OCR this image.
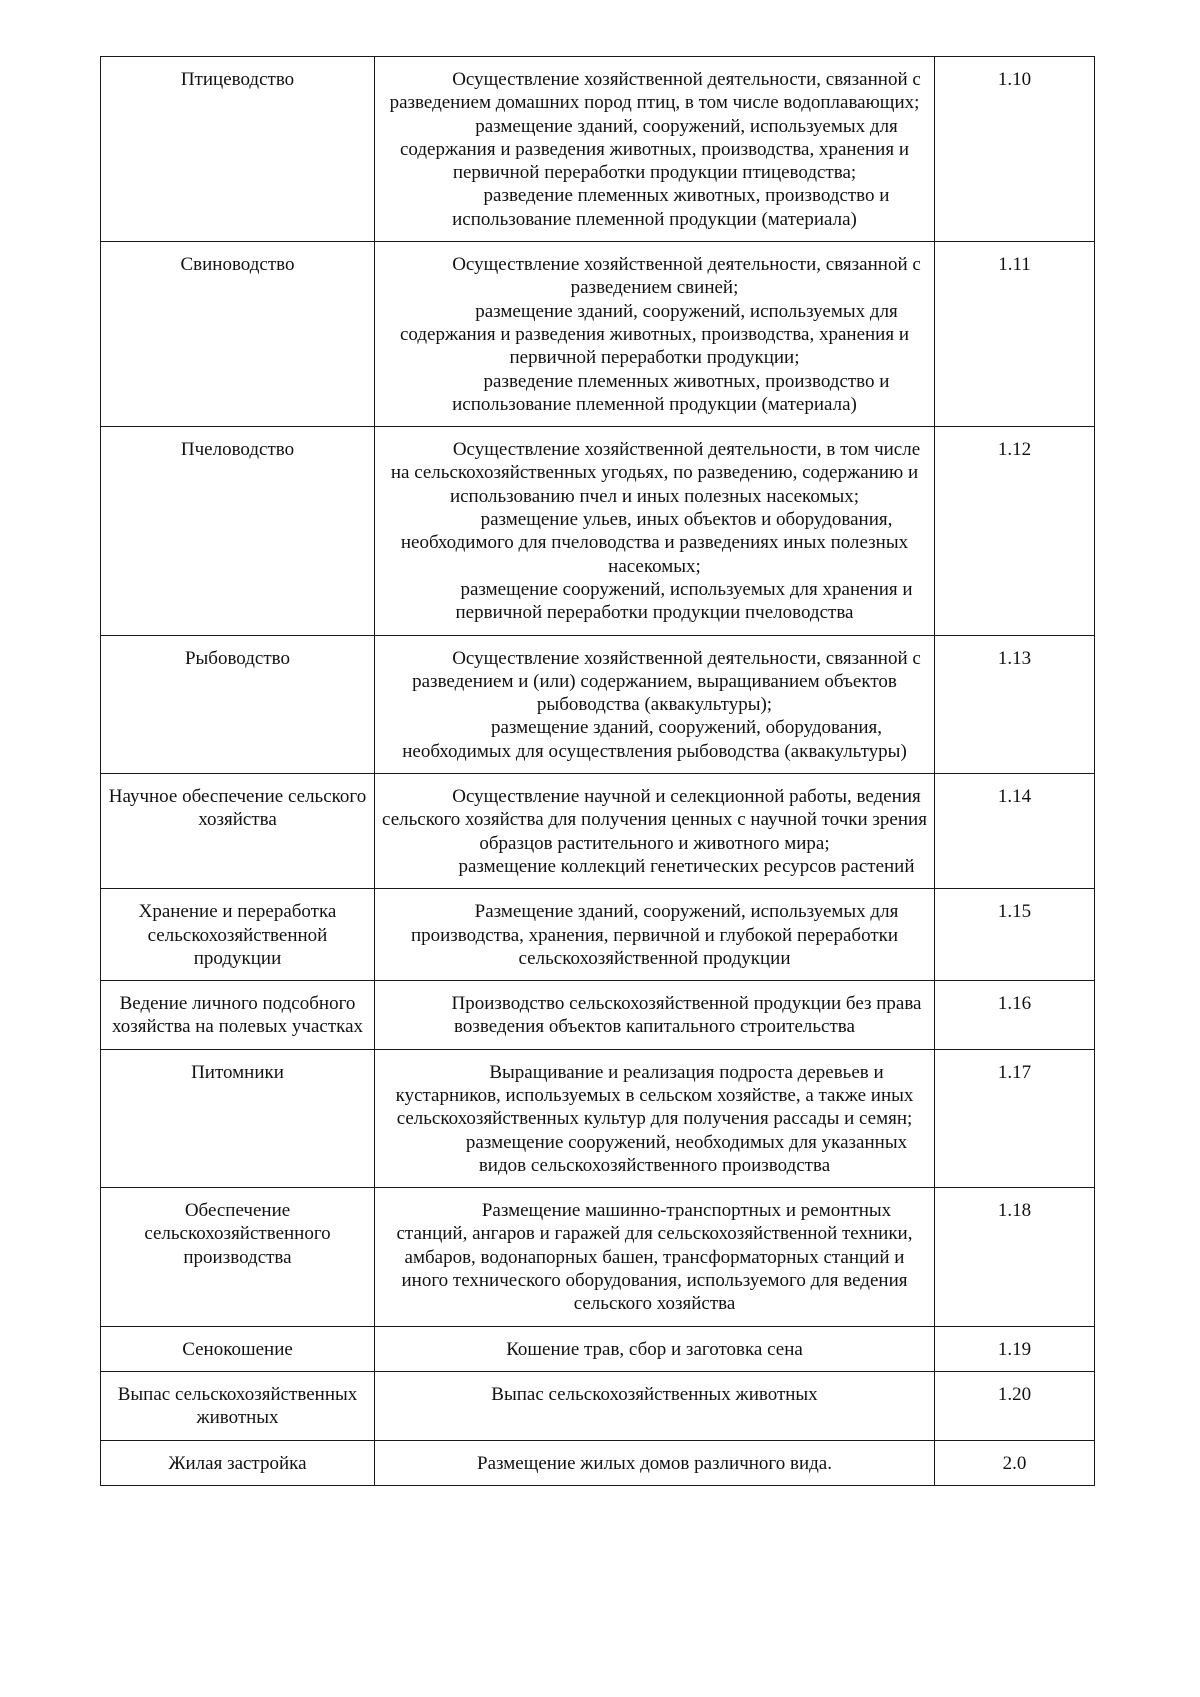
Птицеводство	Осуществление хозяйственной деятельности, связанной с разведением домашних пород птиц, в том числе водоплавающих;
размещение зданий, сооружений, используемых для содержания и разведения животных, производства, хранения и первичной переработки продукции птицеводства;
разведение племенных животных, производство и использование племенной продукции (материала)	1.10
Свиноводство	Осуществление хозяйственной деятельности, связанной с разведением свиней;
размещение зданий, сооружений, используемых для содержания и разведения животных, производства, хранения и первичной переработки продукции;
разведение племенных животных, производство и использование племенной продукции (материала)	1.11
Пчеловодство	Осуществление хозяйственной деятельности, в том числе на сельскохозяйственных угодьях, по разведению, содержанию и использованию пчел и иных полезных насекомых;
размещение ульев, иных объектов и оборудования, необходимого для пчеловодства и разведениях иных полезных насекомых;
размещение сооружений, используемых для хранения и первичной переработки продукции пчеловодства	1.12
Рыбоводство	Осуществление хозяйственной деятельности, связанной с разведением и (или) содержанием, выращиванием объектов рыбоводства (аквакультуры);
размещение зданий, сооружений, оборудования, необходимых для осуществления рыбоводства (аквакультуры)	1.13
Научное обеспечение сельского хозяйства	Осуществление научной и селекционной работы, ведения сельского хозяйства для получения ценных с научной точки зрения образцов растительного и животного мира;
размещение коллекций генетических ресурсов растений	1.14
Хранение и переработка сельскохозяйственной продукции	Размещение зданий, сооружений, используемых для производства, хранения, первичной и глубокой переработки сельскохозяйственной продукции	1.15
Ведение личного подсобного хозяйства на полевых участках	Производство сельскохозяйственной продукции без права возведения объектов капитального строительства	1.16
Питомники	Выращивание и реализация подроста деревьев и кустарников, используемых в сельском хозяйстве, а также иных сельскохозяйственных культур для получения рассады и семян;
размещение сооружений, необходимых для указанных видов сельскохозяйственного производства	1.17
Обеспечение сельскохозяйственного производства	Размещение машинно-транспортных и ремонтных станций, ангаров и гаражей для сельскохозяйственной техники, амбаров, водонапорных башен, трансформаторных станций и иного технического оборудования, используемого для ведения сельского хозяйства	1.18
Сенокошение	Кошение трав, сбор и заготовка сена	1.19
Выпас сельскохозяйственных животных	Выпас сельскохозяйственных животных	1.20
Жилая застройка	Размещение жилых домов различного вида.	2.0
